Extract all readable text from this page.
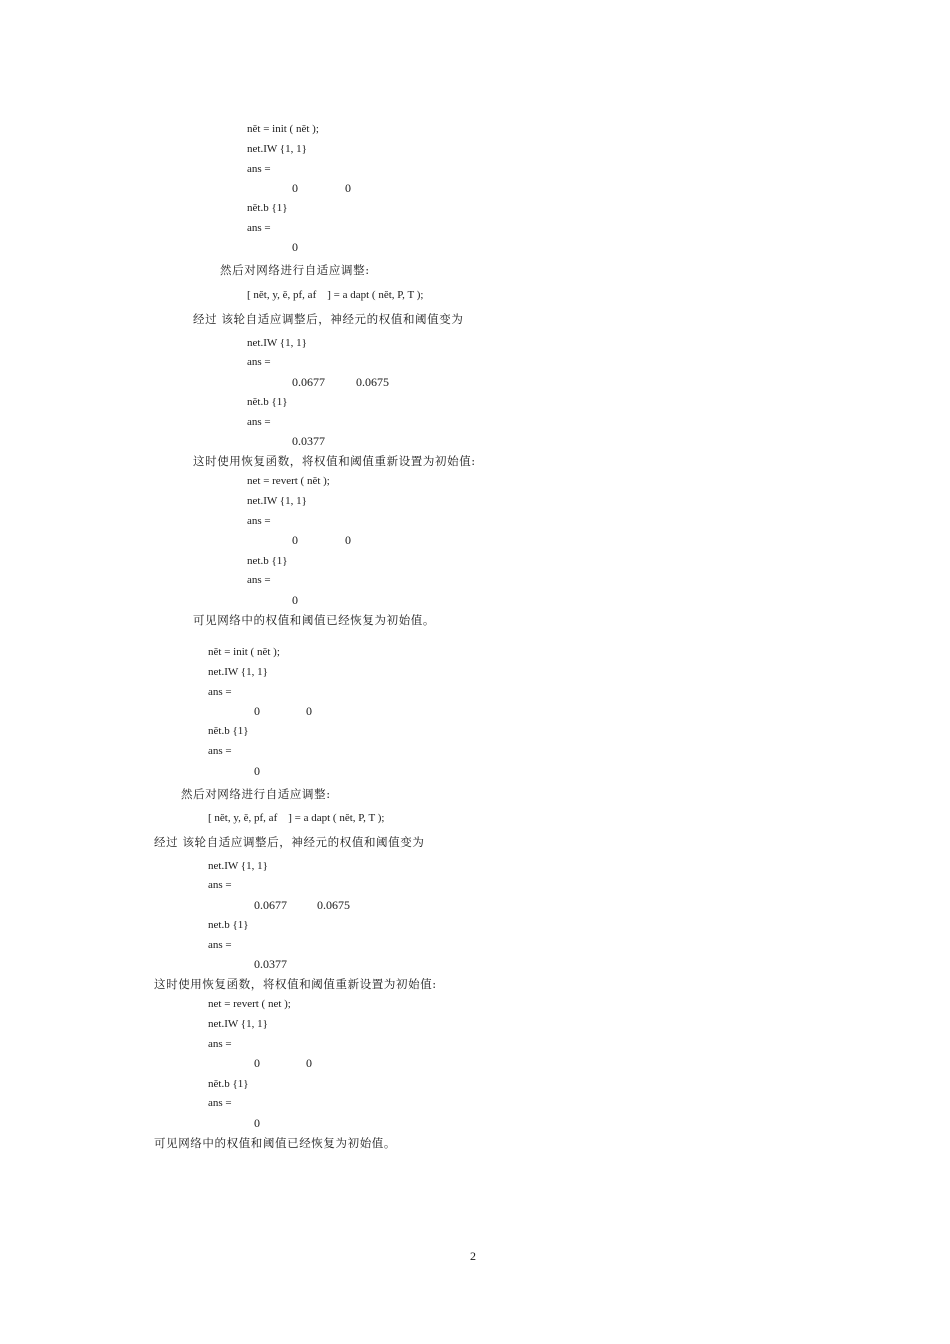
nĕt = init ( nĕt );
net.IW {1, 1}
ans =
0	0
nĕt.b {1}
ans =
0
然后对网络进行自适应调整:
[ nĕt, y, ĕ, pf, af    ] = a dapt ( nĕt, P, T );
经过 该轮自适应调整后，神经元的权值和阈值变为
net.IW {1, 1}
ans =
0.0677	0.0675
nĕt.b {1}
ans =
0.0377
这时使用恢复函数，将权值和阈值重新设置为初始值:
net = revert ( nĕt );
net.IW {1, 1}
ans =
0	0
net.b {1}
ans =
0
可见网络中的权值和阈值已经恢复为初始值。
nĕt = init ( nĕt );
net.IW {1, 1}
ans =
0	0
nĕt.b {1}
ans =
0
然后对网络进行自适应调整:
[ nĕt, y, ĕ, pf, af    ] = a dapt ( nĕt, P, T );
经过 该轮自适应调整后，神经元的权值和阈值变为
net.IW {1, 1}
ans =
0.0677	0.0675
net.b {1}
ans =
0.0377
这时使用恢复函数，将权值和阈值重新设置为初始值:
net = revert ( net );
net.IW {1, 1}
ans =
0	0
nĕt.b {1}
ans =
0
可见网络中的权值和阈值已经恢复为初始值。
2
